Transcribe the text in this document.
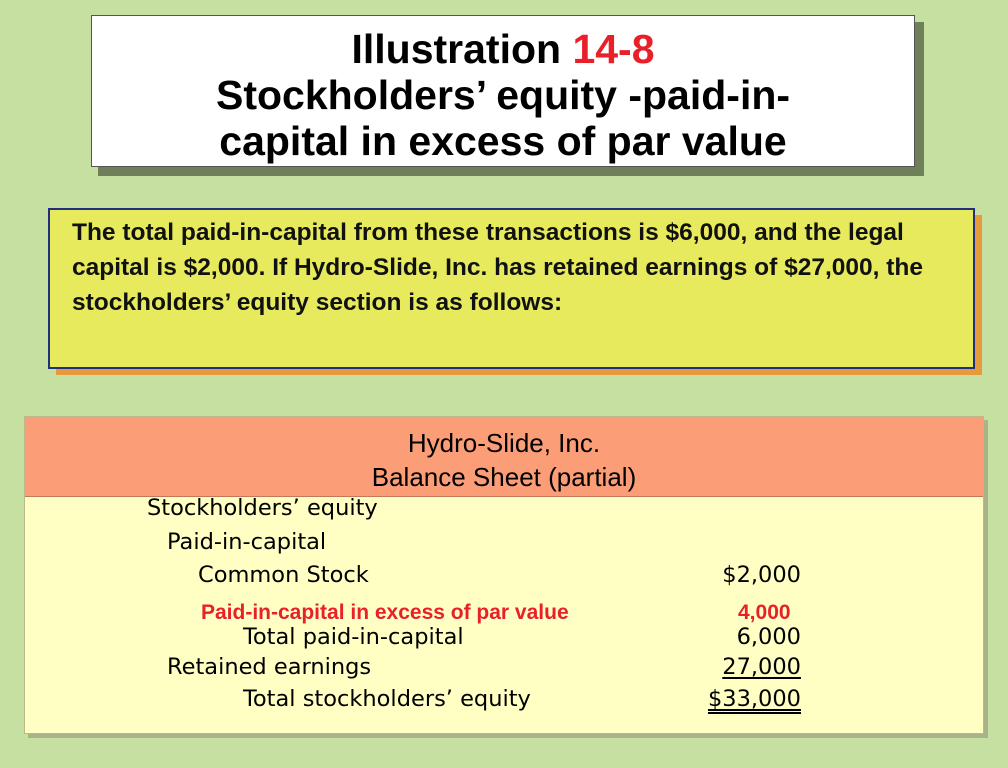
Illustration 14-8
Stockholders’ equity -paid-in-
capital in excess of par value
The total paid-in-capital from these transactions is $6,000, and the legal capital is $2,000. If Hydro-Slide, Inc. has retained earnings of $27,000, the stockholders’ equity section is as follows:
Hydro-Slide, Inc.
Balance Sheet (partial)
Stockholders’ equity
Paid-in-capital
Common Stock	$2,000
Paid-in-capital in excess of par value	4,000
Total paid-in-capital	6,000
Retained earnings	27,000
Total stockholders’ equity	$33,000
